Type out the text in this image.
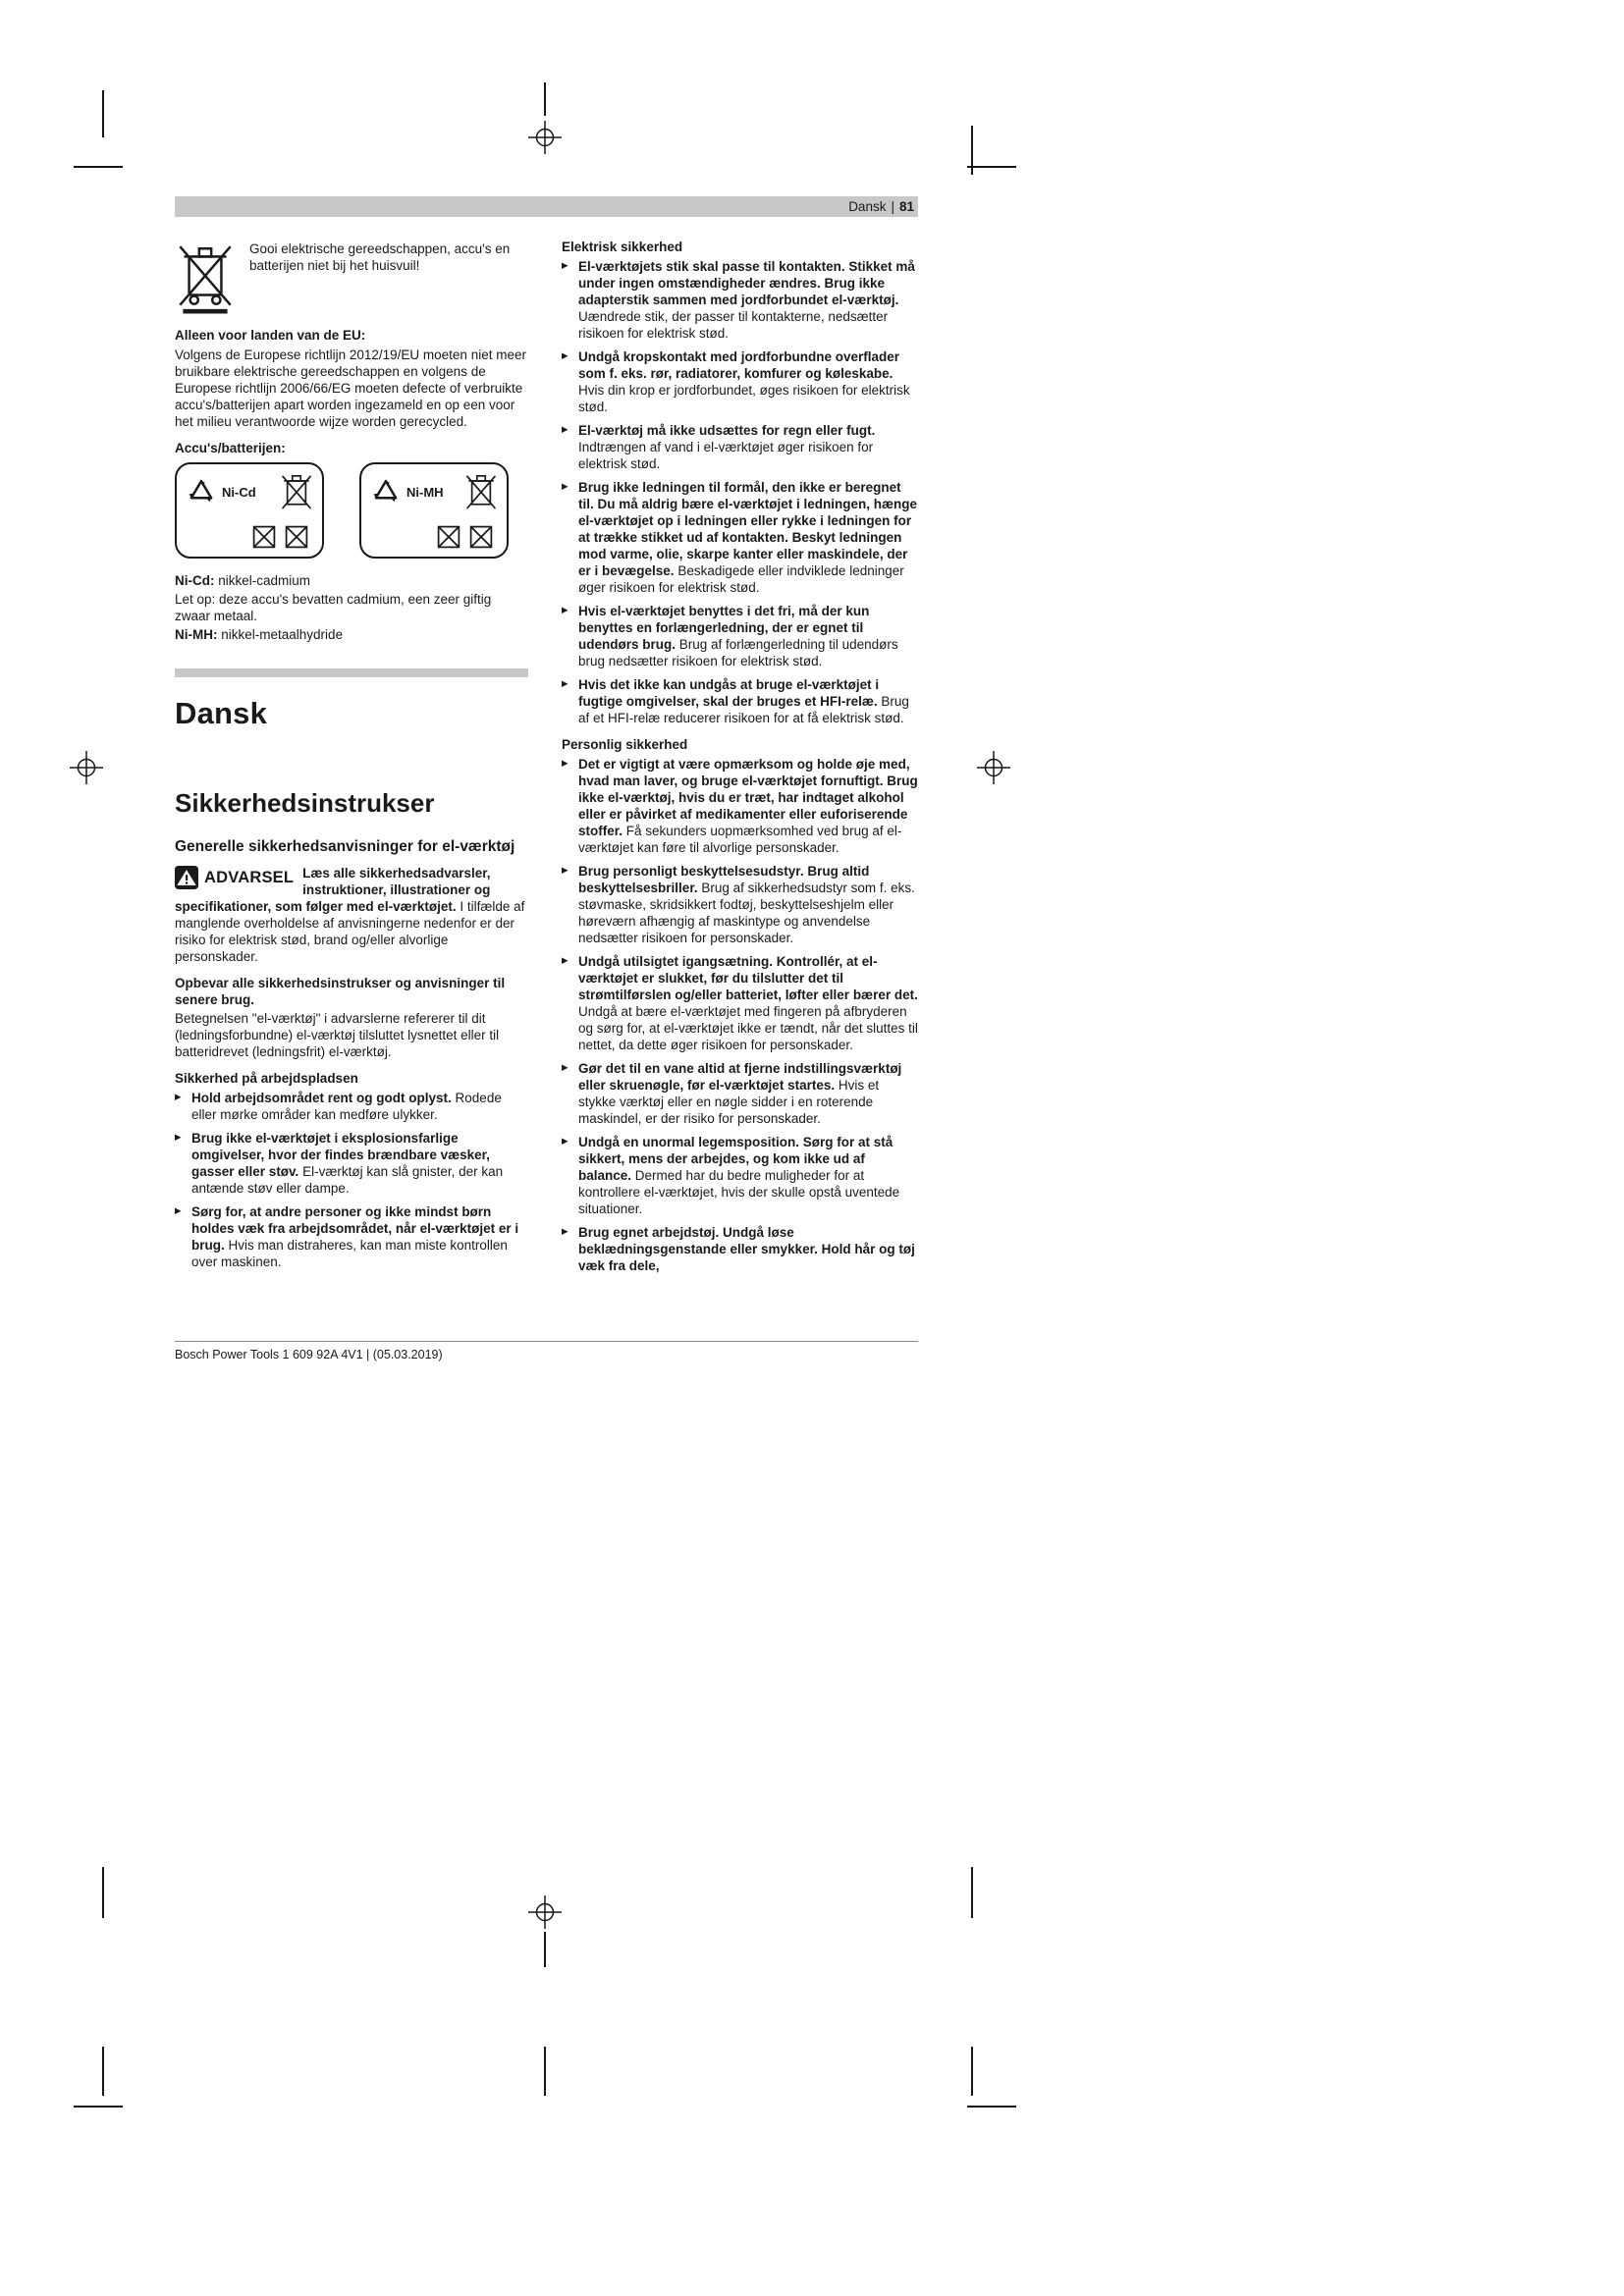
Dansk | 81

Gooi elektrische gereedschappen, accu's en batterijen niet bij het huisvuil!

Alleen voor landen van de EU:

Volgens de Europese richtlijn 2012/19/EU moeten niet meer bruikbare elektrische gereedschappen en volgens de Europese richtlijn 2006/66/EG moeten defecte of verbruikte accu's/batterijen apart worden ingezameld en op een voor het milieu verantwoorde wijze worden gerecycled.

Accu's/batterijen:

Ni-Cd	Ni-MH

Ni-Cd: nikkel-cadmium

Let op: deze accu's bevatten cadmium, een zeer giftig zwaar metaal.

Ni-MH: nikkel-metaalhydride

Dansk
Sikkerhedsinstrukser
Generelle sikkerhedsanvisninger for el-værktøj
ADVARSEL Læs alle sikkerhedsadvarsler, instruktioner, illustrationer og specifikationer, som følger med el-værktøjet. I tilfælde af manglende overholdelse af anvisningerne nedenfor er der risiko for elektrisk stød, brand og/eller alvorlige personskader.

Opbevar alle sikkerhedsinstrukser og anvisninger til senere brug.

Betegnelsen "el-værktøj" i advarslerne refererer til dit (ledningsforbundne) el-værktøj tilsluttet lysnettet eller til batteridrevet (ledningsfrit) el-værktøj.

Sikkerhed på arbejdspladsen

▶
Hold arbejdsområdet rent og godt oplyst. Rodede eller mørke områder kan medføre ulykker.
▶
Brug ikke el-værktøjet i eksplosionsfarlige omgivelser, hvor der findes brændbare væsker, gasser eller støv. El-værktøj kan slå gnister, der kan antænde støv eller dampe.
▶
Sørg for, at andre personer og ikke mindst børn holdes væk fra arbejdsområdet, når el-værktøjet er i brug. Hvis man distraheres, kan man miste kontrollen over maskinen.

Elektrisk sikkerhed

▶
El-værktøjets stik skal passe til kontakten. Stikket må under ingen omstændigheder ændres. Brug ikke adapterstik sammen med jordforbundet el-værktøj. Uændrede stik, der passer til kontakterne, nedsætter risikoen for elektrisk stød.
▶
Undgå kropskontakt med jordforbundne overflader som f. eks. rør, radiatorer, komfurer og køleskabe. Hvis din krop er jordforbundet, øges risikoen for elektrisk stød.
▶
El-værktøj må ikke udsættes for regn eller fugt. Indtrængen af vand i el-værktøjet øger risikoen for elektrisk stød.
▶
Brug ikke ledningen til formål, den ikke er beregnet til. Du må aldrig bære el-værktøjet i ledningen, hænge el-værktøjet op i ledningen eller rykke i ledningen for at trække stikket ud af kontakten. Beskyt ledningen mod varme, olie, skarpe kanter eller maskindele, der er i bevægelse. Beskadigede eller indviklede ledninger øger risikoen for elektrisk stød.
▶
Hvis el-værktøjet benyttes i det fri, må der kun benyttes en forlængerledning, der er egnet til udendørs brug. Brug af forlængerledning til udendørs brug nedsætter risikoen for elektrisk stød.
▶
Hvis det ikke kan undgås at bruge el-værktøjet i fugtige omgivelser, skal der bruges et HFI-relæ. Brug af et HFI-relæ reducerer risikoen for at få elektrisk stød.

Personlig sikkerhed

▶
Det er vigtigt at være opmærksom og holde øje med, hvad man laver, og bruge el-værktøjet fornuftigt. Brug ikke el-værktøj, hvis du er træt, har indtaget alkohol eller er påvirket af medikamenter eller euforiserende stoffer. Få sekunders uopmærksomhed ved brug af el-værktøjet kan føre til alvorlige personskader.
▶
Brug personligt beskyttelsesudstyr. Brug altid beskyttelsesbriller. Brug af sikkerhedsudstyr som f. eks. støvmaske, skridsikkert fodtøj, beskyttelseshjelm eller høreværn afhængig af maskintype og anvendelse nedsætter risikoen for personskader.
▶
Undgå utilsigtet igangsætning. Kontrollér, at el-værktøjet er slukket, før du tilslutter det til strømtilførslen og/eller batteriet, løfter eller bærer det. Undgå at bære el-værktøjet med fingeren på afbryderen og sørg for, at el-værktøjet ikke er tændt, når det sluttes til nettet, da dette øger risikoen for personskader.
▶
Gør det til en vane altid at fjerne indstillingsværktøj eller skruenøgle, før el-værktøjet startes. Hvis et stykke værktøj eller en nøgle sidder i en roterende maskindel, er der risiko for personskader.
▶
Undgå en unormal legemsposition. Sørg for at stå sikkert, mens der arbejdes, og kom ikke ud af balance. Dermed har du bedre muligheder for at kontrollere el-værktøjet, hvis der skulle opstå uventede situationer.
▶
Brug egnet arbejdstøj. Undgå løse beklædningsgenstande eller smykker. Hold hår og tøj væk fra dele,
Bosch Power Tools 1 609 92A 4V1 | (05.03.2019)
